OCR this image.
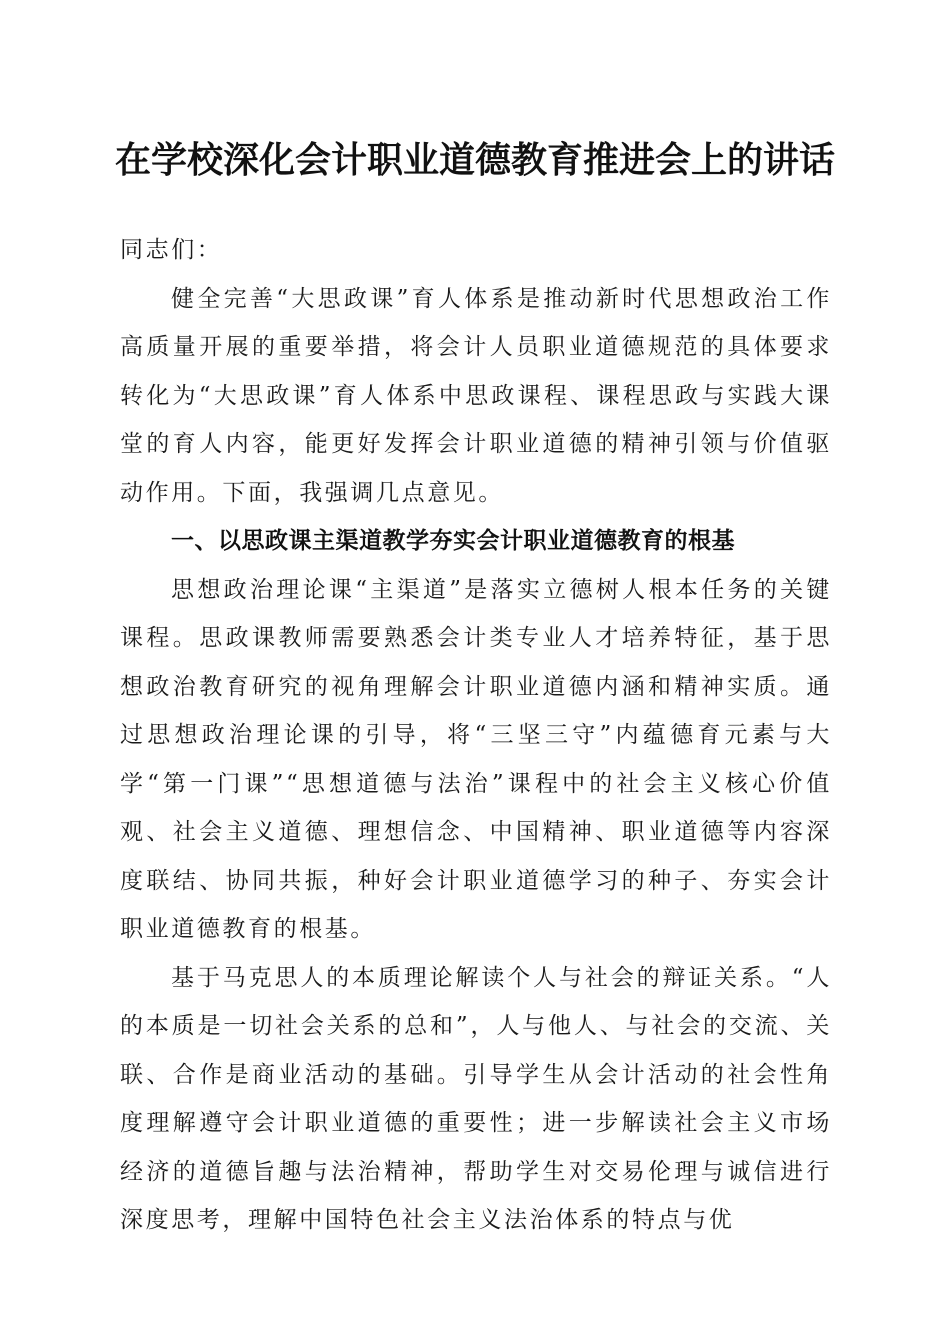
在学校深化会计职业道德教育推进会上的讲话

同志们：

健全完善“大思政课”育人体系是推动新时代思想政治工作高质量开展的重要举措，将会计人员职业道德规范的具体要求转化为“大思政课”育人体系中思政课程、课程思政与实践大课堂的育人内容，能更好发挥会计职业道德的精神引领与价值驱动作用。下面，我强调几点意见。

一、以思政课主渠道教学夯实会计职业道德教育的根基

思想政治理论课“主渠道”是落实立德树人根本任务的关键课程。思政课教师需要熟悉会计类专业人才培养特征，基于思想政治教育研究的视角理解会计职业道德内涵和精神实质。通过思想政治理论课的引导，将“三坚三守”内蕴德育元素与大学“第一门课”“思想道德与法治”课程中的社会主义核心价值观、社会主义道德、理想信念、中国精神、职业道德等内容深度联结、协同共振，种好会计职业道德学习的种子、夯实会计职业道德教育的根基。

基于马克思人的本质理论解读个人与社会的辩证关系。“人的本质是一切社会关系的总和”，人与他人、与社会的交流、关联、合作是商业活动的基础。引导学生从会计活动的社会性角度理解遵守会计职业道德的重要性；进一步解读社会主义市场经济的道德旨趣与法治精神，帮助学生对交易伦理与诚信进行深度思考，理解中国特色社会主义法治体系的特点与优
